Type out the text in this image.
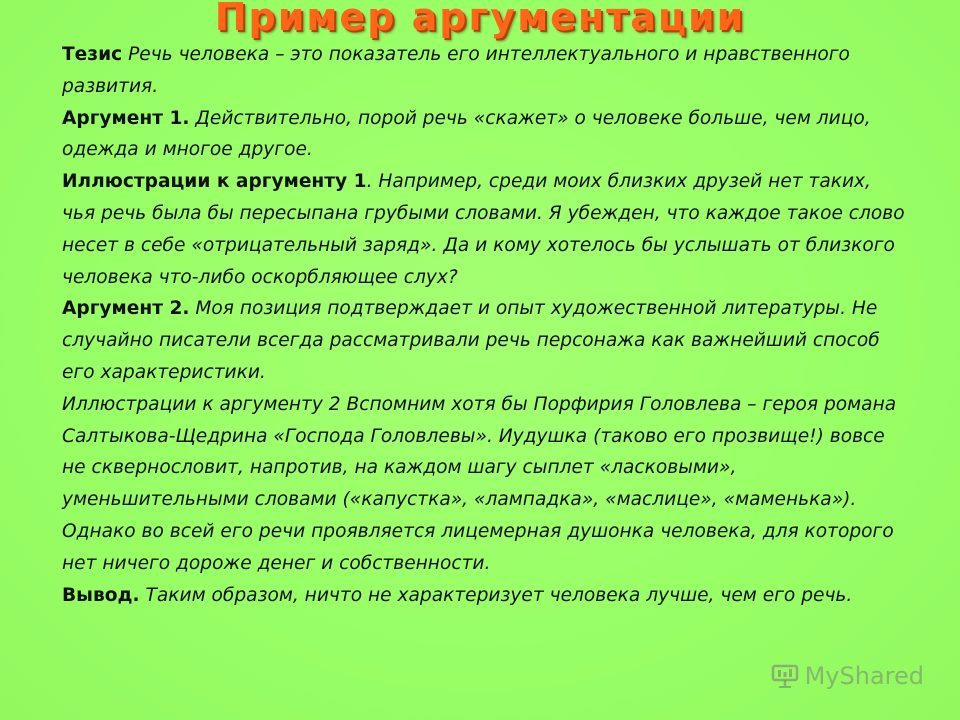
Пример аргументации

Тезис Речь человека – это показатель его интеллектуального и нравственного развития.

Аргумент 1. Действительно, порой речь «скажет» о человеке больше, чем лицо, одежда и многое другое.

Иллюстрации к аргументу 1. Например, среди моих близких друзей нет таких, чья речь была бы пересыпана грубыми словами. Я убежден, что каждое такое слово несет в себе «отрицательный заряд». Да и кому хотелось бы услышать от близкого человека что-либо оскорбляющее слух?

Аргумент 2. Моя позиция подтверждает и опыт художественной литературы. Не случайно писатели всегда рассматривали речь персонажа как важнейший способ его характеристики.

Иллюстрации к аргументу 2 Вспомним хотя бы Порфирия Головлева – героя романа Салтыкова-Щедрина «Господа Головлевы». Иудушка (таково его прозвище!) вовсе не сквернословит, напротив, на каждом шагу сыплет «ласковыми», уменьшительными словами («капустка», «лампадка», «маслице», «маменька»). Однако во всей его речи проявляется лицемерная душонка человека, для которого нет ничего дороже денег и собственности.

Вывод. Таким образом, ничто не характеризует человека лучше, чем его речь.

MyShared
